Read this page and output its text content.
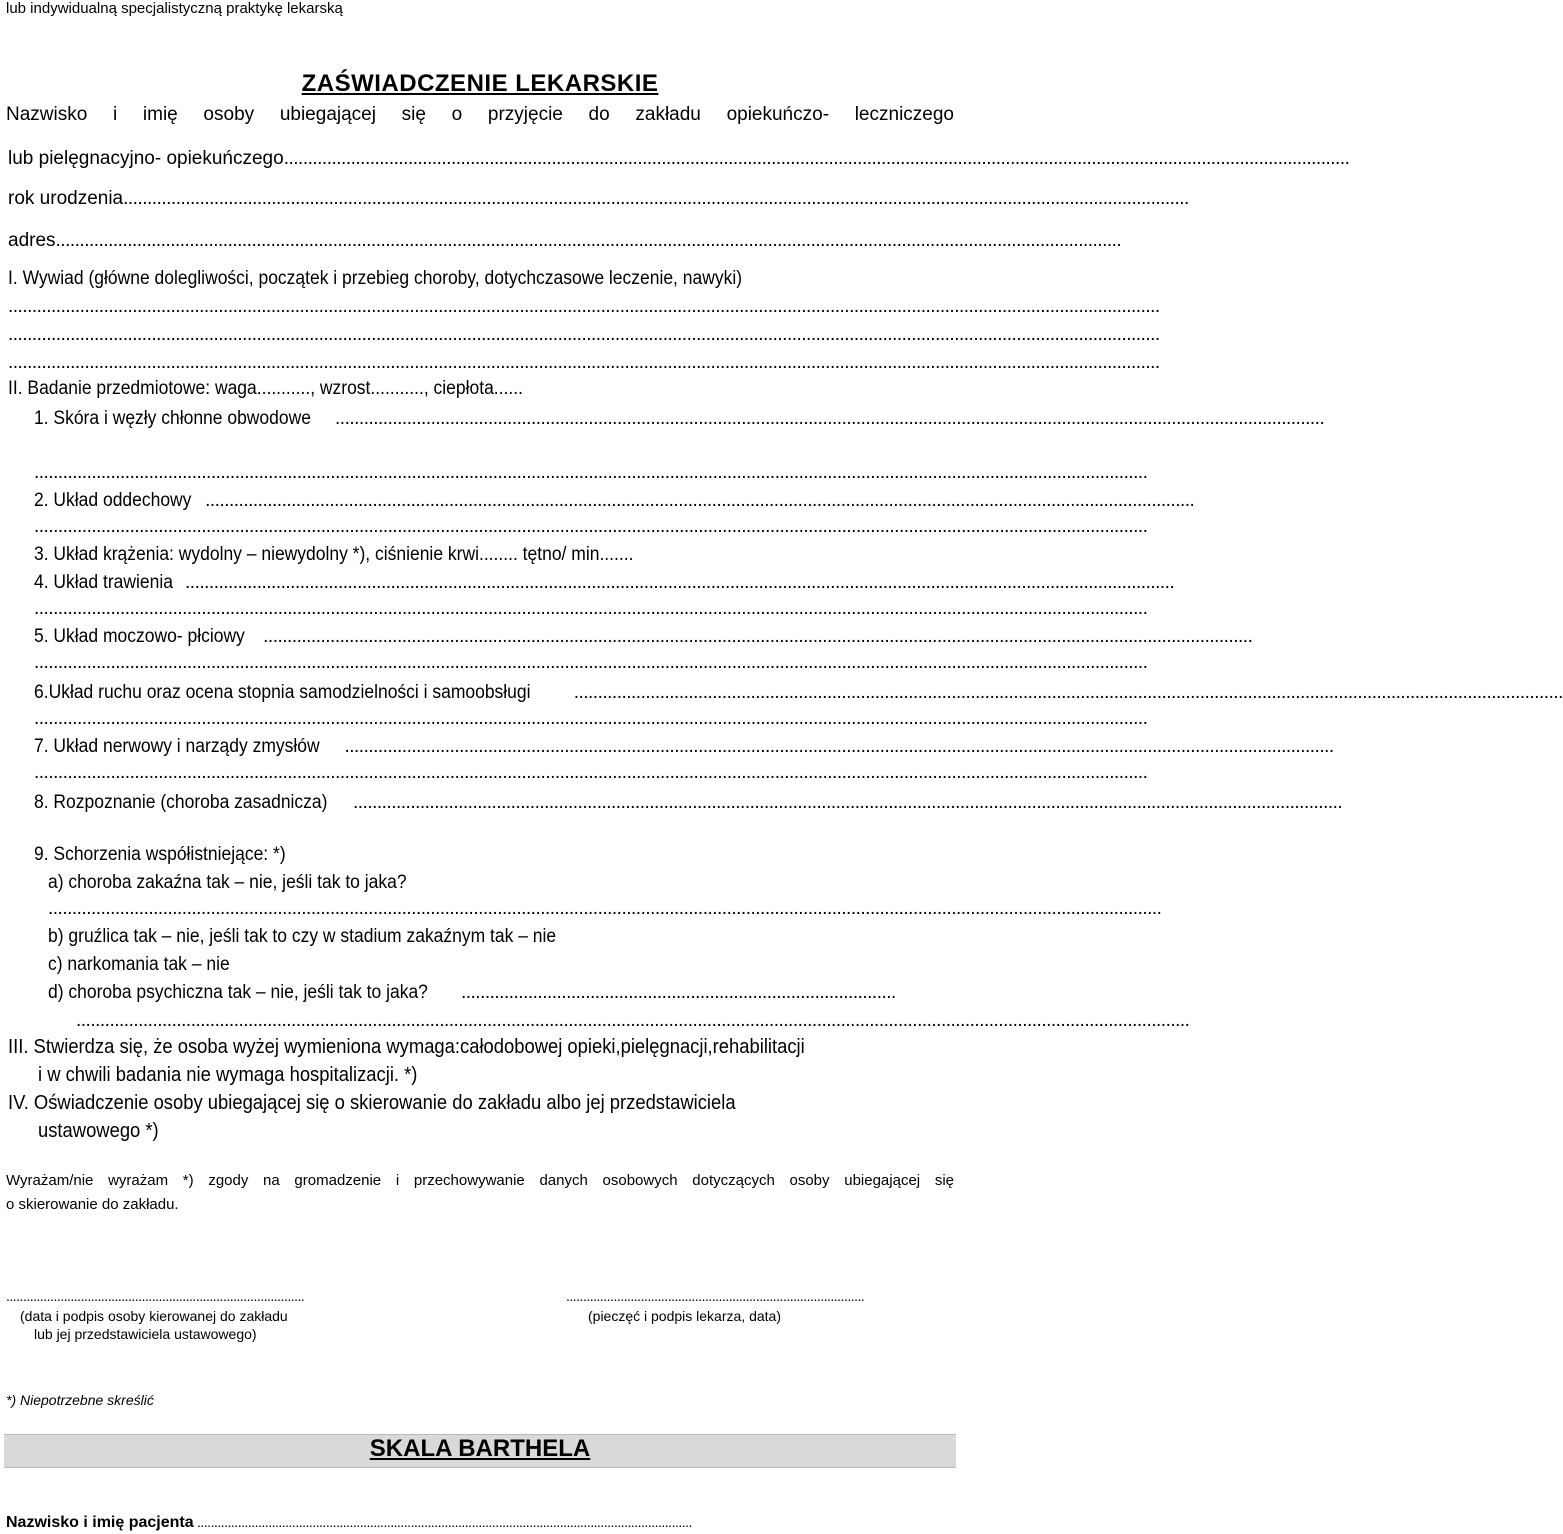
lub indywidualną specjalistyczną praktykę lekarską
ZAŚWIADCZENIE LEKARSKIE
Nazwisko i imię osoby ubiegającej się o przyjęcie do zakładu opiekuńczo- leczniczego
lub pielęgnacyjno- opiekuńczego ...............................................................................................................................................................................................................................
rok urodzenia ...............................................................................................................................................................................................................................
adres ...............................................................................................................................................................................................................................
I. Wywiad (główne dolegliwości, początek i przebieg choroby, dotychczasowe leczenie, nawyki)
.................................................................................................................................................................................................................................................
.................................................................................................................................................................................................................................................
.................................................................................................................................................................................................................................................
II. Badanie przedmiotowe: waga..........., wzrost..........., ciepłota......
1. Skóra i węzły chłonne obwodowe ...............................................................................................................................................................................................................
.........................................................................................................................................................................................................................................
2. Układ oddechowy ...............................................................................................................................................................................................................
.........................................................................................................................................................................................................................................
3. Układ krążenia: wydolny – niewydolny *), ciśnienie krwi........ tętno/ min.......
4. Układ trawienia ...............................................................................................................................................................................................................
.........................................................................................................................................................................................................................................
5. Układ moczowo- płciowy ...............................................................................................................................................................................................................
.........................................................................................................................................................................................................................................
6.Układ ruchu oraz ocena stopnia samodzielności i samoobsługi ...............................................................................................................................................................................................................
.........................................................................................................................................................................................................................................
7. Układ nerwowy i narządy zmysłów ...............................................................................................................................................................................................................
.........................................................................................................................................................................................................................................
8. Rozpoznanie (choroba zasadnicza) ...............................................................................................................................................................................................................
9. Schorzenia współistniejące: *)
a) choroba zakaźna tak – nie, jeśli tak to jaka?
.........................................................................................................................................................................................................................................
b) gruźlica tak – nie, jeśli tak to czy w stadium zakaźnym tak – nie
c) narkomania tak – nie
d) choroba psychiczna tak – nie, jeśli tak to jaka? ...........................................................................................
.........................................................................................................................................................................................................................................
III. Stwierdza się, że osoba wyżej wymieniona wymaga:całodobowej opieki,pielęgnacji,rehabilitacji
i w chwili badania nie wymaga hospitalizacji. *)
IV. Oświadczenie osoby ubiegającej się o skierowanie do zakładu albo jej przedstawiciela
ustawowego *)
Wyrażam/nie wyrażam *) zgody na gromadzenie i przechowywanie danych osobowych dotyczących osoby ubiegającej się
o skierowanie do zakładu.
........................................................................................
(data i podpis osoby kierowanej do zakładu
lub jej przedstawiciela ustawowego)
........................................................................................
(pieczęć i podpis lekarza, data)
*) Niepotrzebne skreślić
SKALA BARTHELA
Nazwisko i imię pacjenta ..................................................................................................................................................
